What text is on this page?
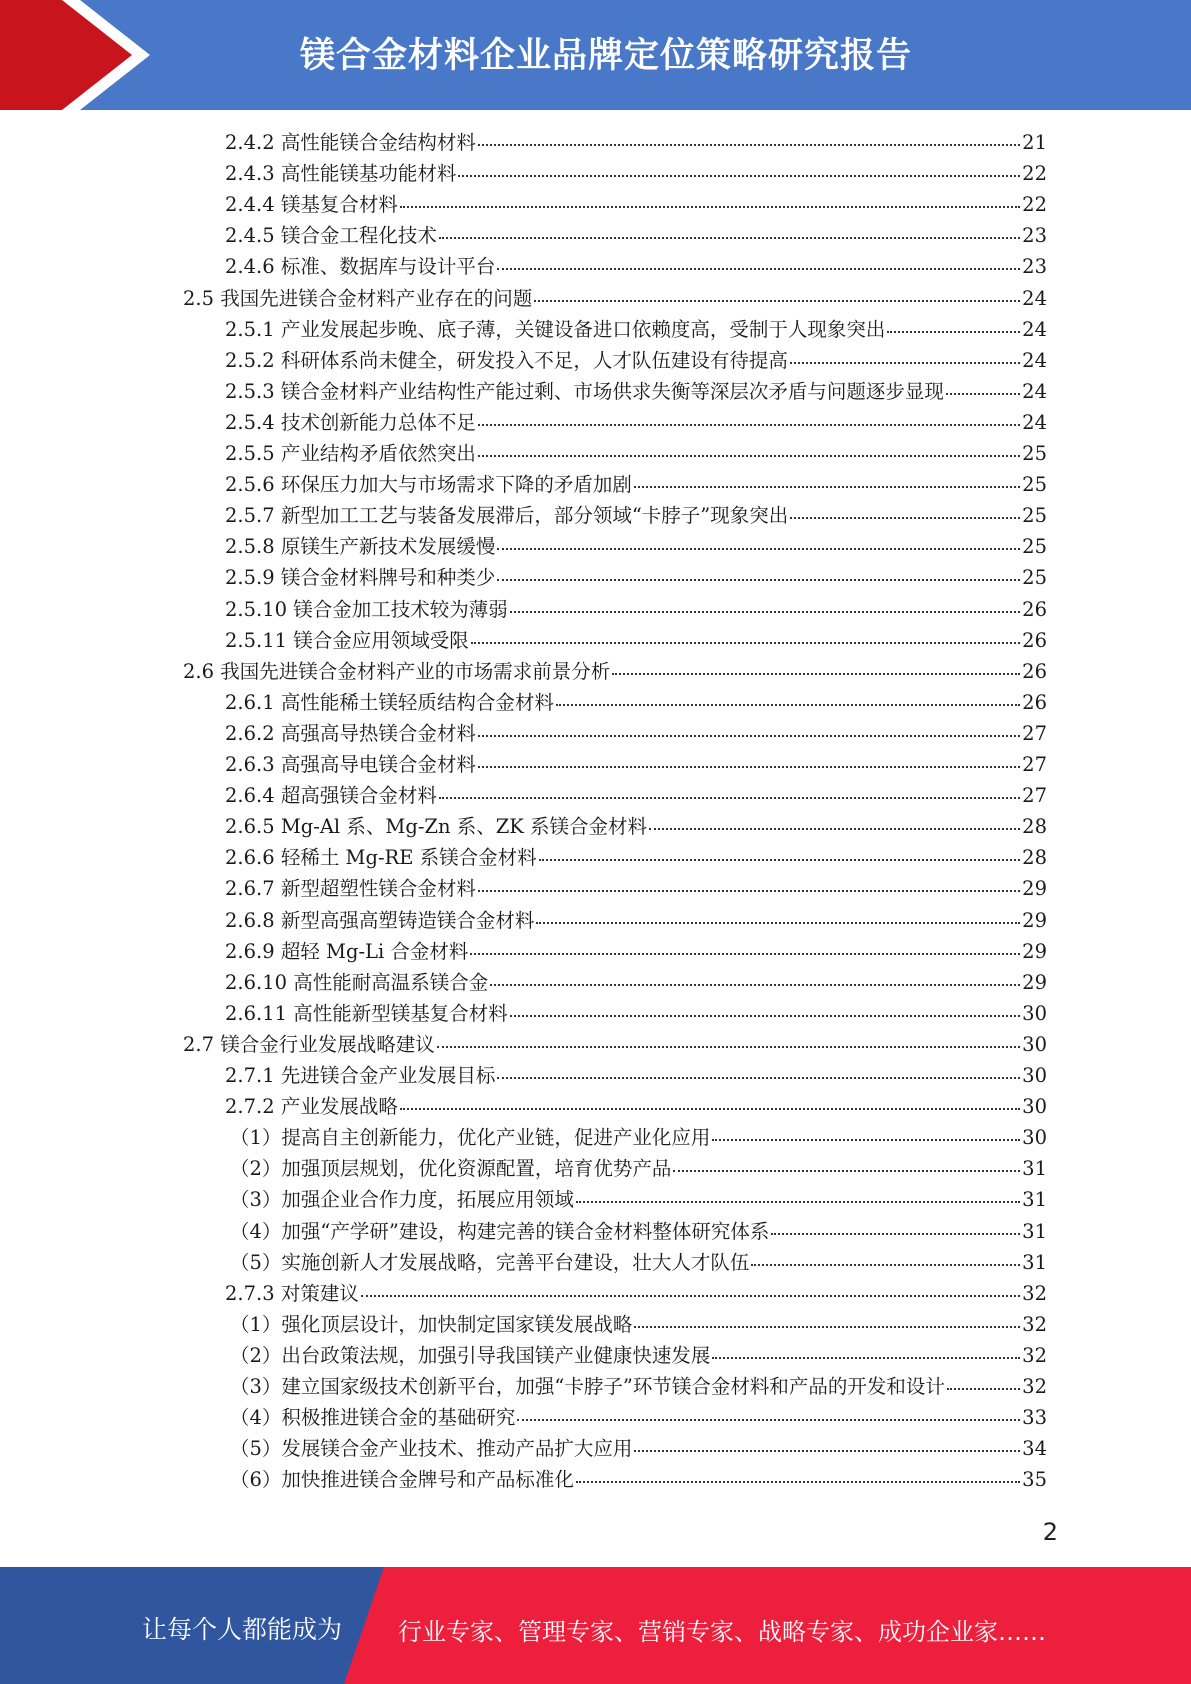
镁合金材料企业品牌定位策略研究报告
2.4.2 高性能镁合金结构材料	21
2.4.3 高性能镁基功能材料	22
2.4.4 镁基复合材料	22
2.4.5 镁合金工程化技术	23
2.4.6 标准、数据库与设计平台	23
2.5 我国先进镁合金材料产业存在的问题	24
2.5.1 产业发展起步晚、底子薄，关键设备进口依赖度高，受制于人现象突出	24
2.5.2 科研体系尚未健全，研发投入不足，人才队伍建设有待提高	24
2.5.3 镁合金材料产业结构性产能过剩、市场供求失衡等深层次矛盾与问题逐步显现	24
2.5.4 技术创新能力总体不足	24
2.5.5 产业结构矛盾依然突出	25
2.5.6 环保压力加大与市场需求下降的矛盾加剧	25
2.5.7 新型加工工艺与装备发展滞后，部分领域“卡脖子”现象突出	25
2.5.8 原镁生产新技术发展缓慢	25
2.5.9 镁合金材料牌号和种类少	25
2.5.10 镁合金加工技术较为薄弱	26
2.5.11 镁合金应用领域受限	26
2.6 我国先进镁合金材料产业的市场需求前景分析	26
2.6.1 高性能稀土镁轻质结构合金材料	26
2.6.2 高强高导热镁合金材料	27
2.6.3 高强高导电镁合金材料	27
2.6.4 超高强镁合金材料	27
2.6.5 Mg-Al 系、Mg-Zn 系、ZK 系镁合金材料	28
2.6.6 轻稀土 Mg-RE 系镁合金材料	28
2.6.7 新型超塑性镁合金材料	29
2.6.8 新型高强高塑铸造镁合金材料	29
2.6.9 超轻 Mg-Li 合金材料	29
2.6.10 高性能耐高温系镁合金	29
2.6.11 高性能新型镁基复合材料	30
2.7 镁合金行业发展战略建议	30
2.7.1 先进镁合金产业发展目标	30
2.7.2 产业发展战略	30
（1）提高自主创新能力，优化产业链，促进产业化应用	30
（2）加强顶层规划，优化资源配置，培育优势产品	31
（3）加强企业合作力度，拓展应用领域	31
（4）加强“产学研”建设，构建完善的镁合金材料整体研究体系	31
（5）实施创新人才发展战略，完善平台建设，壮大人才队伍	31
2.7.3 对策建议	32
（1）强化顶层设计，加快制定国家镁发展战略	32
（2）出台政策法规，加强引导我国镁产业健康快速发展	32
（3）建立国家级技术创新平台，加强“卡脖子”环节镁合金材料和产品的开发和设计	32
（4）积极推进镁合金的基础研究	33
（5）发展镁合金产业技术、推动产品扩大应用	34
（6）加快推进镁合金牌号和产品标准化	35
2
让每个人都能成为 行业专家、管理专家、营销专家、战略专家、成功企业家……
